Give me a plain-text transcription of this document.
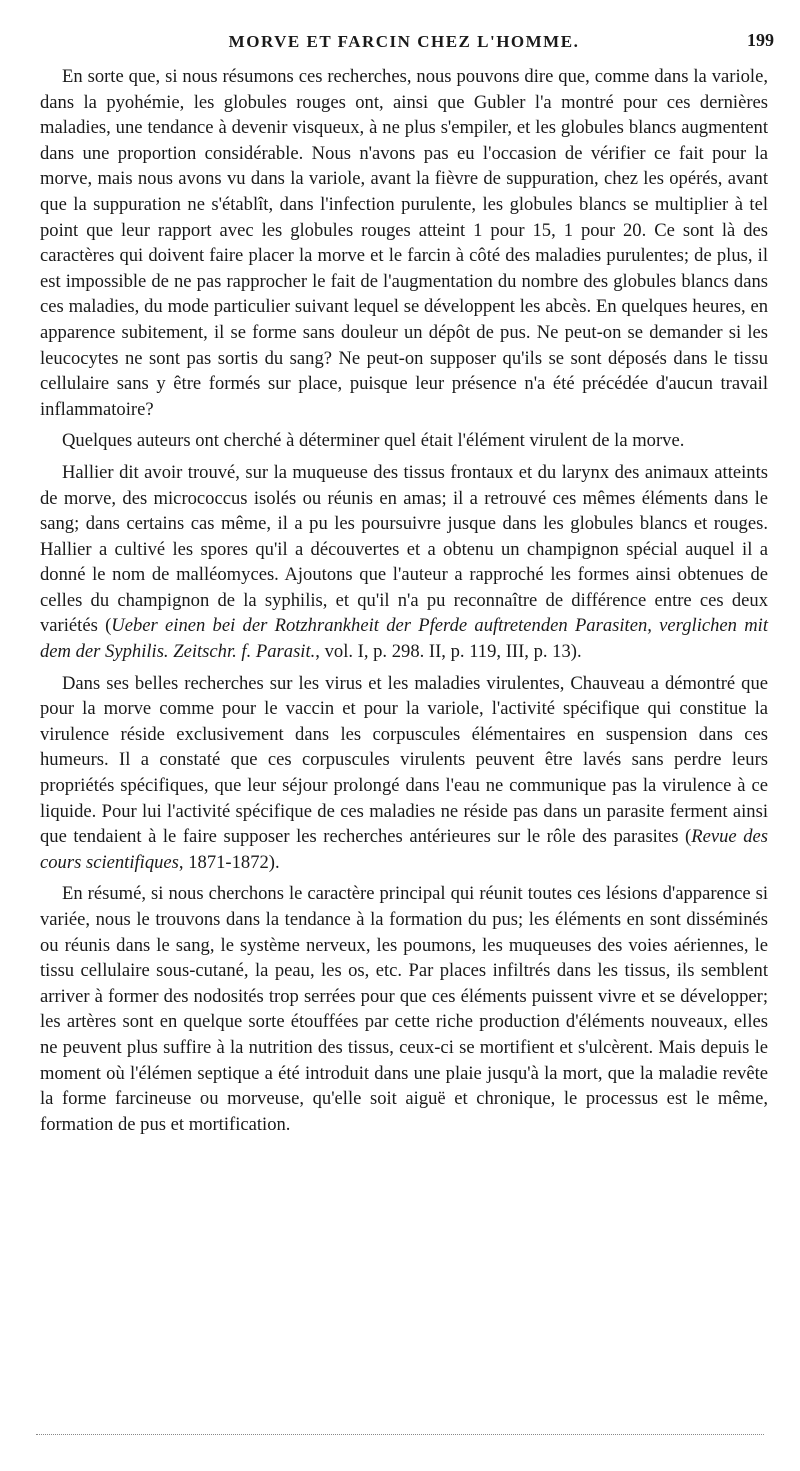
MORVE ET FARCIN CHEZ L'HOMME.	199

En sorte que, si nous résumons ces recherches, nous pouvons dire que, comme dans la variole, dans la pyohémie, les globules rouges ont, ainsi que Gubler l'a montré pour ces dernières maladies, une tendance à devenir visqueux, à ne plus s'empiler, et les globules blancs augmentent dans une proportion considérable. Nous n'avons pas eu l'occasion de vérifier ce fait pour la morve, mais nous avons vu dans la variole, avant la fièvre de suppuration, chez les opérés, avant que la suppuration ne s'établît, dans l'infection purulente, les globules blancs se multiplier à tel point que leur rapport avec les globules rouges atteint 1 pour 15, 1 pour 20. Ce sont là des caractères qui doivent faire placer la morve et le farcin à côté des maladies purulentes; de plus, il est impossible de ne pas rapprocher le fait de l'augmentation du nombre des globules blancs dans ces maladies, du mode particulier suivant lequel se développent les abcès. En quelques heures, en apparence subitement, il se forme sans douleur un dépôt de pus. Ne peut-on se demander si les leucocytes ne sont pas sortis du sang? Ne peut-on supposer qu'ils se sont déposés dans le tissu cellulaire sans y être formés sur place, puisque leur présence n'a été précédée d'aucun travail inflammatoire?

Quelques auteurs ont cherché à déterminer quel était l'élément virulent de la morve.

Hallier dit avoir trouvé, sur la muqueuse des tissus frontaux et du larynx des animaux atteints de morve, des micrococcus isolés ou réunis en amas; il a retrouvé ces mêmes éléments dans le sang; dans certains cas même, il a pu les poursuivre jusque dans les globules blancs et rouges. Hallier a cultivé les spores qu'il a découvertes et a obtenu un champignon spécial auquel il a donné le nom de malléomyces. Ajoutons que l'auteur a rapproché les formes ainsi obtenues de celles du champignon de la syphilis, et qu'il n'a pu reconnaître de différence entre ces deux variétés (Ueber einen bei der Rotzhrankheit der Pferde auftretenden Parasiten, verglichen mit dem der Syphilis. Zeitschr. f. Parasit., vol. I, p. 298. II, p. 119, III, p. 13).

Dans ses belles recherches sur les virus et les maladies virulentes, Chauveau a démontré que pour la morve comme pour le vaccin et pour la variole, l'activité spécifique qui constitue la virulence réside exclusivement dans les corpuscules élémentaires en suspension dans ces humeurs. Il a constaté que ces corpuscules virulents peuvent être lavés sans perdre leurs propriétés spécifiques, que leur séjour prolongé dans l'eau ne communique pas la virulence à ce liquide. Pour lui l'activité spécifique de ces maladies ne réside pas dans un parasite ferment ainsi que tendaient à le faire supposer les recherches antérieures sur le rôle des parasites (Revue des cours scientifiques, 1871-1872).

En résumé, si nous cherchons le caractère principal qui réunit toutes ces lésions d'apparence si variée, nous le trouvons dans la tendance à la formation du pus; les éléments en sont disséminés ou réunis dans le sang, le système nerveux, les poumons, les muqueuses des voies aériennes, le tissu cellulaire sous-cutané, la peau, les os, etc. Par places infiltrés dans les tissus, ils semblent arriver à former des nodosités trop serrées pour que ces éléments puissent vivre et se développer; les artères sont en quelque sorte étouffées par cette riche production d'éléments nouveaux, elles ne peuvent plus suffire à la nutrition des tissus, ceux-ci se mortifient et s'ulcèrent. Mais depuis le moment où l'élémen septique a été introduit dans une plaie jusqu'à la mort, que la maladie revête la forme farcineuse ou morveuse, qu'elle soit aiguë et chronique, le processus est le même, formation de pus et mortification.
